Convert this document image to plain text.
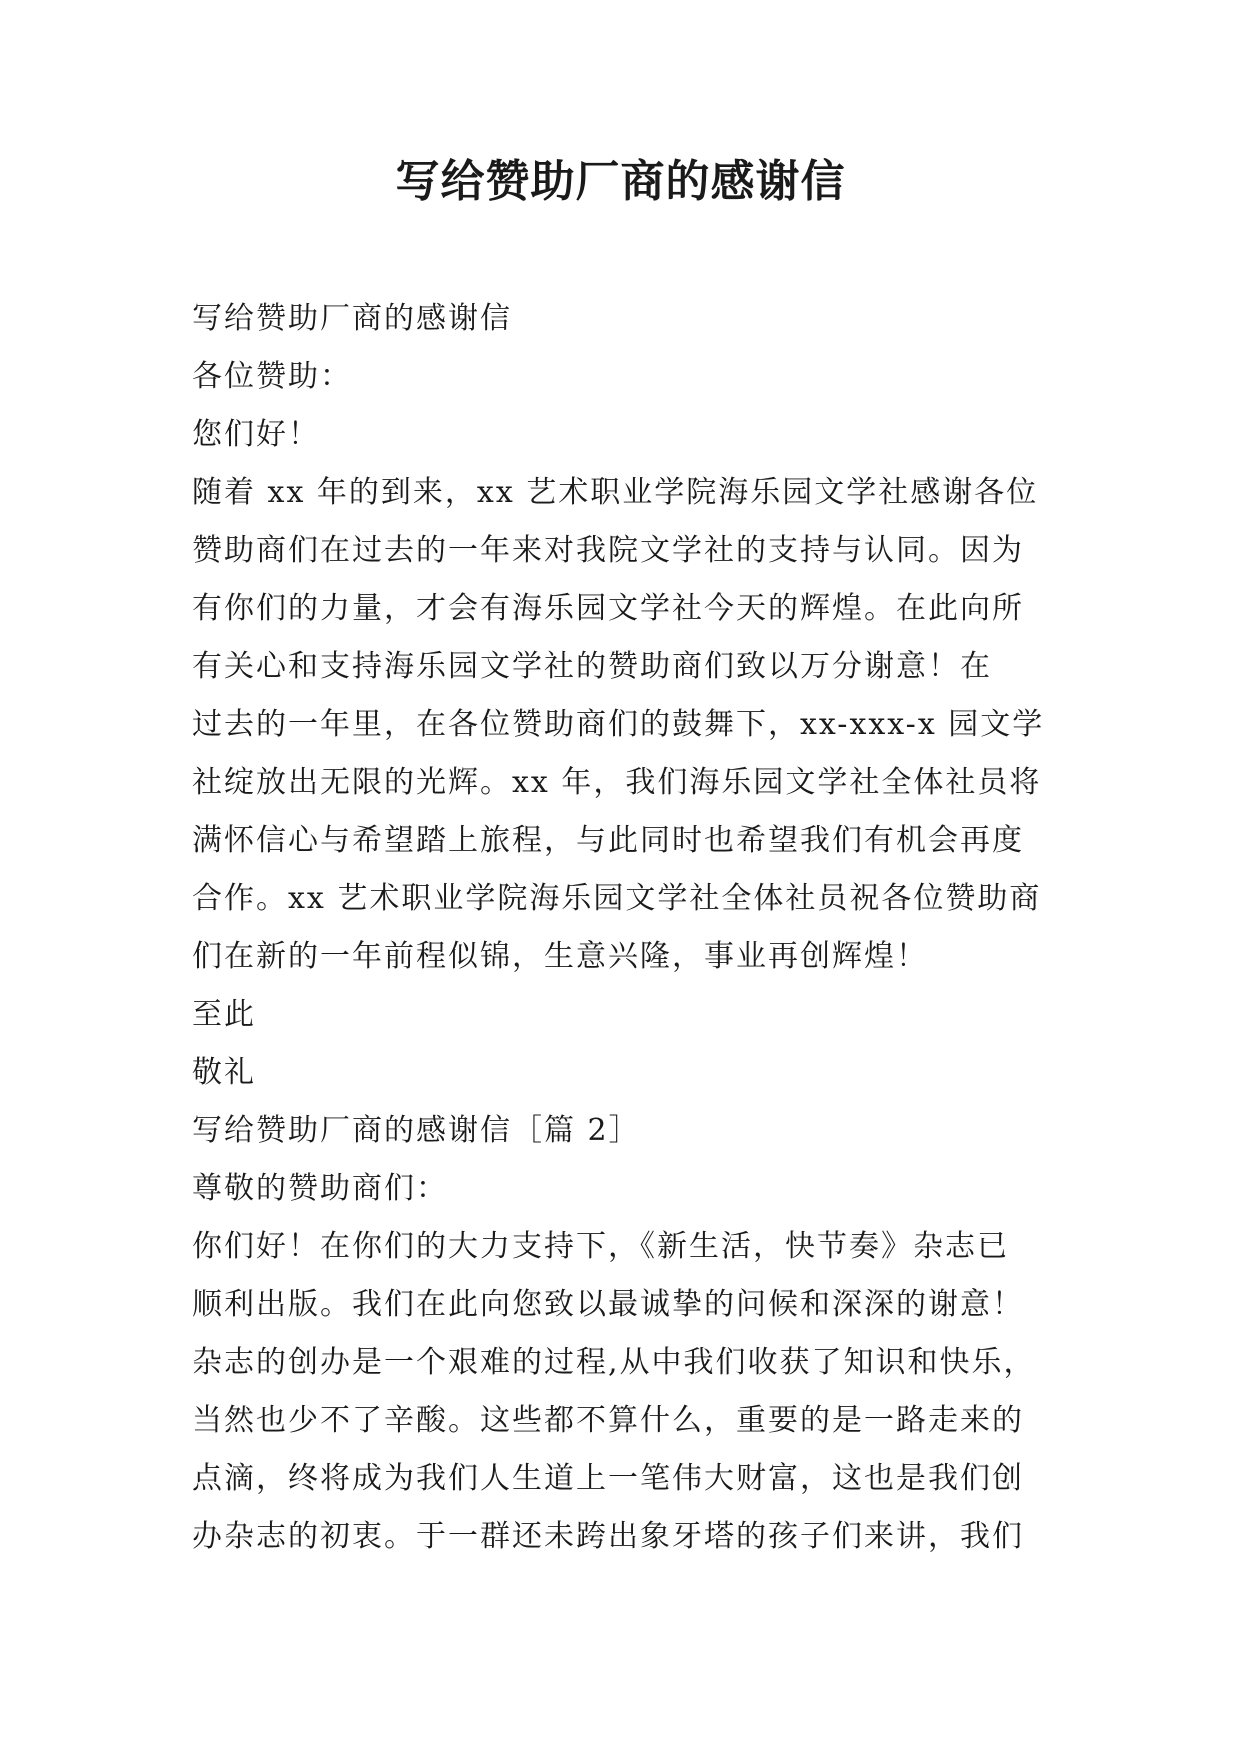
写给赞助厂商的感谢信

写给赞助厂商的感谢信

各位赞助：

您们好！

随着 xx 年的到来，xx 艺术职业学院海乐园文学社感谢各位

赞助商们在过去的一年来对我院文学社的支持与认同。因为

有你们的力量，才会有海乐园文学社今天的辉煌。在此向所

有关心和支持海乐园文学社的赞助商们致以万分谢意！在

过去的一年里，在各位赞助商们的鼓舞下，xx-xxx-x 园文学

社绽放出无限的光辉。xx 年，我们海乐园文学社全体社员将

满怀信心与希望踏上旅程，与此同时也希望我们有机会再度

合作。xx 艺术职业学院海乐园文学社全体社员祝各位赞助商

们在新的一年前程似锦，生意兴隆，事业再创辉煌！

至此

敬礼

写给赞助厂商的感谢信［篇 2］

尊敬的赞助商们：

你们好！在你们的大力支持下，《新生活，快节奏》杂志已

顺利出版。我们在此向您致以最诚挚的问候和深深的谢意！

杂志的创办是一个艰难的过程,从中我们收获了知识和快乐，

当然也少不了辛酸。这些都不算什么，重要的是一路走来的

点滴，终将成为我们人生道上一笔伟大财富，这也是我们创

办杂志的初衷。于一群还未跨出象牙塔的孩子们来讲，我们
